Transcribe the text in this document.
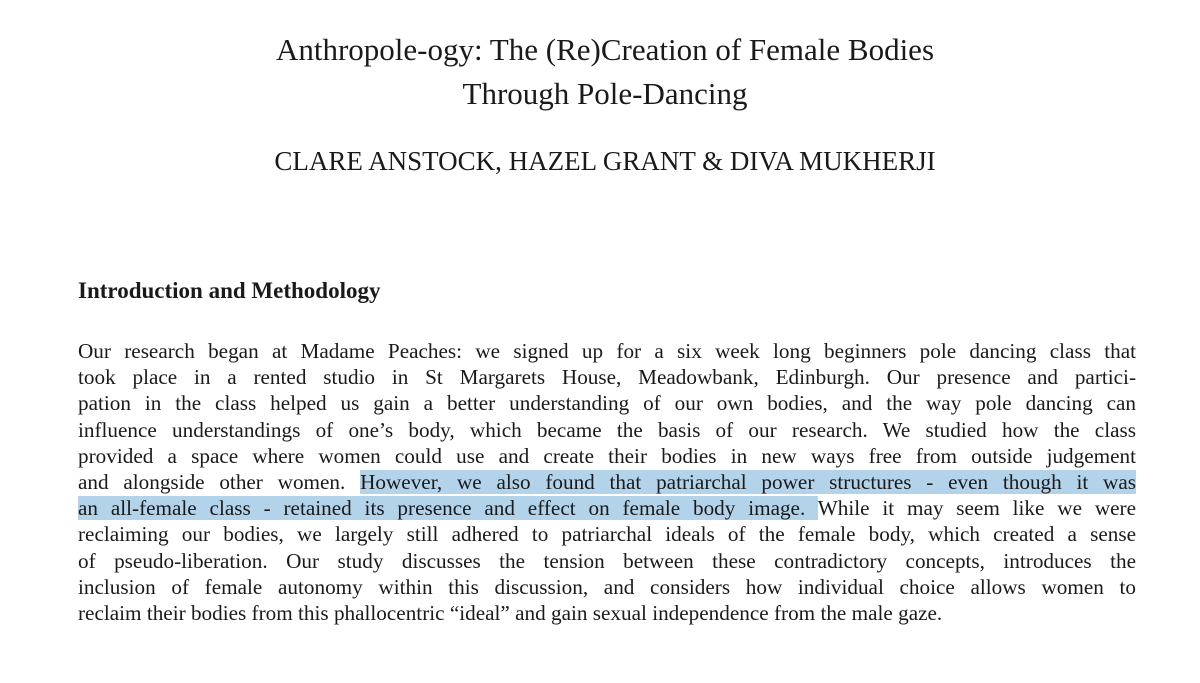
Anthropole-ogy: The (Re)Creation of Female Bodies
Through Pole-Dancing
CLARE ANSTOCK, HAZEL GRANT & DIVA MUKHERJI
Introduction and Methodology
Our research began at Madame Peaches: we signed up for a six week long beginners pole dancing class that
took place in a rented studio in St Margarets House, Meadowbank, Edinburgh. Our presence and partici-
pation in the class helped us gain a better understanding of our own bodies, and the way pole dancing can
influence understandings of one’s body, which became the basis of our research. We studied how the class
provided a space where women could use and create their bodies in new ways free from outside judgement
and alongside other women. However, we also found that patriarchal power structures - even though it was
an all-female class - retained its presence and effect on female body image. While it may seem like we were
reclaiming our bodies, we largely still adhered to patriarchal ideals of the female body, which created a sense
of pseudo-liberation. Our study discusses the tension between these contradictory concepts, introduces the
inclusion of female autonomy within this discussion, and considers how individual choice allows women to
reclaim their bodies from this phallocentric “ideal” and gain sexual independence from the male gaze.
